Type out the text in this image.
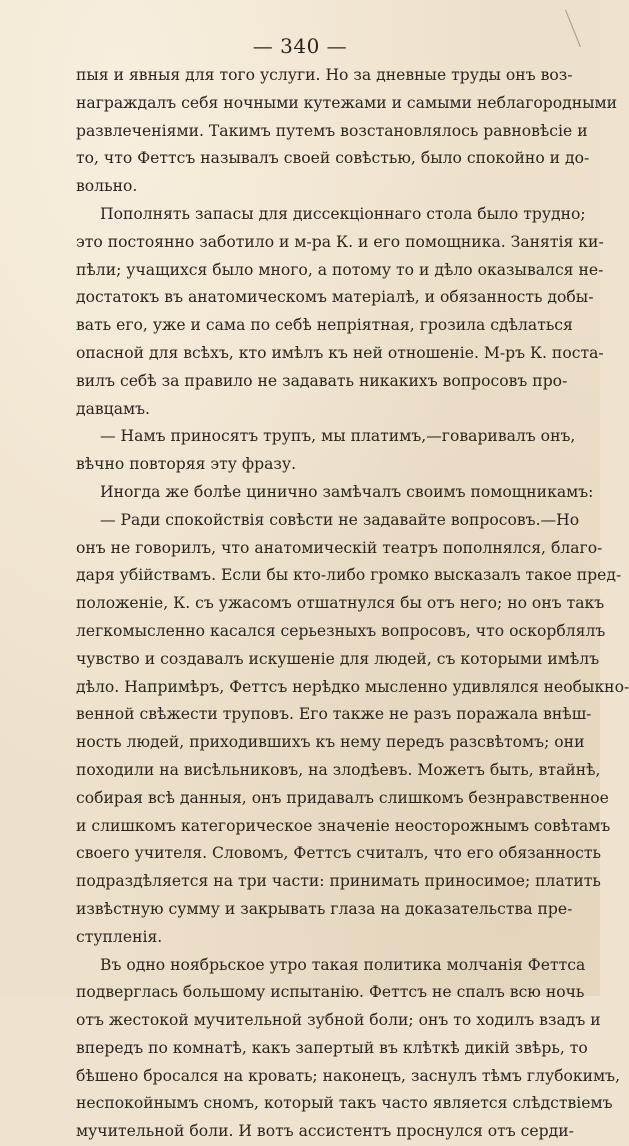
— 340 —
пыя и явныя для того услуги. Но за дневные труды онъ воз-
награждалъ себя ночными кутежами и самыми неблагородными
развлеченіями. Такимъ путемъ возстановлялось равновѣсіе и
то, что Феттсъ называлъ своей совѣстью, было спокойно и до-
вольно.
Пополнять запасы для диссекціоннаго стола было трудно;
это постоянно заботило и м-ра К. и его помощника. Занятія ки-
пѣли; учащихся было много, а потому то и дѣло оказывался не-
достатокъ въ анатомическомъ матеріалѣ, и обязанность добы-
вать его, уже и сама по себѣ непріятная, грозила сдѣлаться
опасной для всѣхъ, кто имѣлъ къ ней отношеніе. М-ръ К. поста-
вилъ себѣ за правило не задавать никакихъ вопросовъ про-
давцамъ.
— Намъ приносятъ трупъ, мы платимъ,—говаривалъ онъ,
вѣчно повторяя эту фразу.
Иногда же болѣе цинично замѣчалъ своимъ помощникамъ:
— Ради спокойствія совѣсти не задавайте вопросовъ.—Но
онъ не говорилъ, что анатомическій театръ пополнялся, благо-
даря убійствамъ. Если бы кто-либо громко высказалъ такое пред-
положеніе, К. съ ужасомъ отшатнулся бы отъ него; но онъ такъ
легкомысленно касался серьезныхъ вопросовъ, что оскорблялъ
чувство и создавалъ искушеніе для людей, съ которыми имѣлъ
дѣло. Напримѣръ, Феттсъ нерѣдко мысленно удивлялся необыкно-
венной свѣжести труповъ. Его также не разъ поражала внѣш-
ность людей, приходившихъ къ нему передъ разсвѣтомъ; они
походили на висѣльниковъ, на злодѣевъ. Можетъ быть, втайнѣ,
собирая всѣ данныя, онъ придавалъ слишкомъ безнравственное
и слишкомъ категорическое значеніе неосторожнымъ совѣтамъ
своего учителя. Словомъ, Феттсъ считалъ, что его обязанность
подраздѣляется на три части: принимать приносимое; платить
извѣстную сумму и закрывать глаза на доказательства пре-
ступленія.
Въ одно ноябрьское утро такая политика молчанія Феттса
подверглась большому испытанію. Феттсъ не спалъ всю ночь
отъ жестокой мучительной зубной боли; онъ то ходилъ взадъ и
впередъ по комнатѣ, какъ запертый въ клѣткѣ дикій звѣрь, то
бѣшено бросался на кровать; наконецъ, заснулъ тѣмъ глубокимъ,
неспокойнымъ сномъ, который такъ часто является слѣдствіемъ
мучительной боли. И вотъ ассистентъ проснулся отъ серди-
